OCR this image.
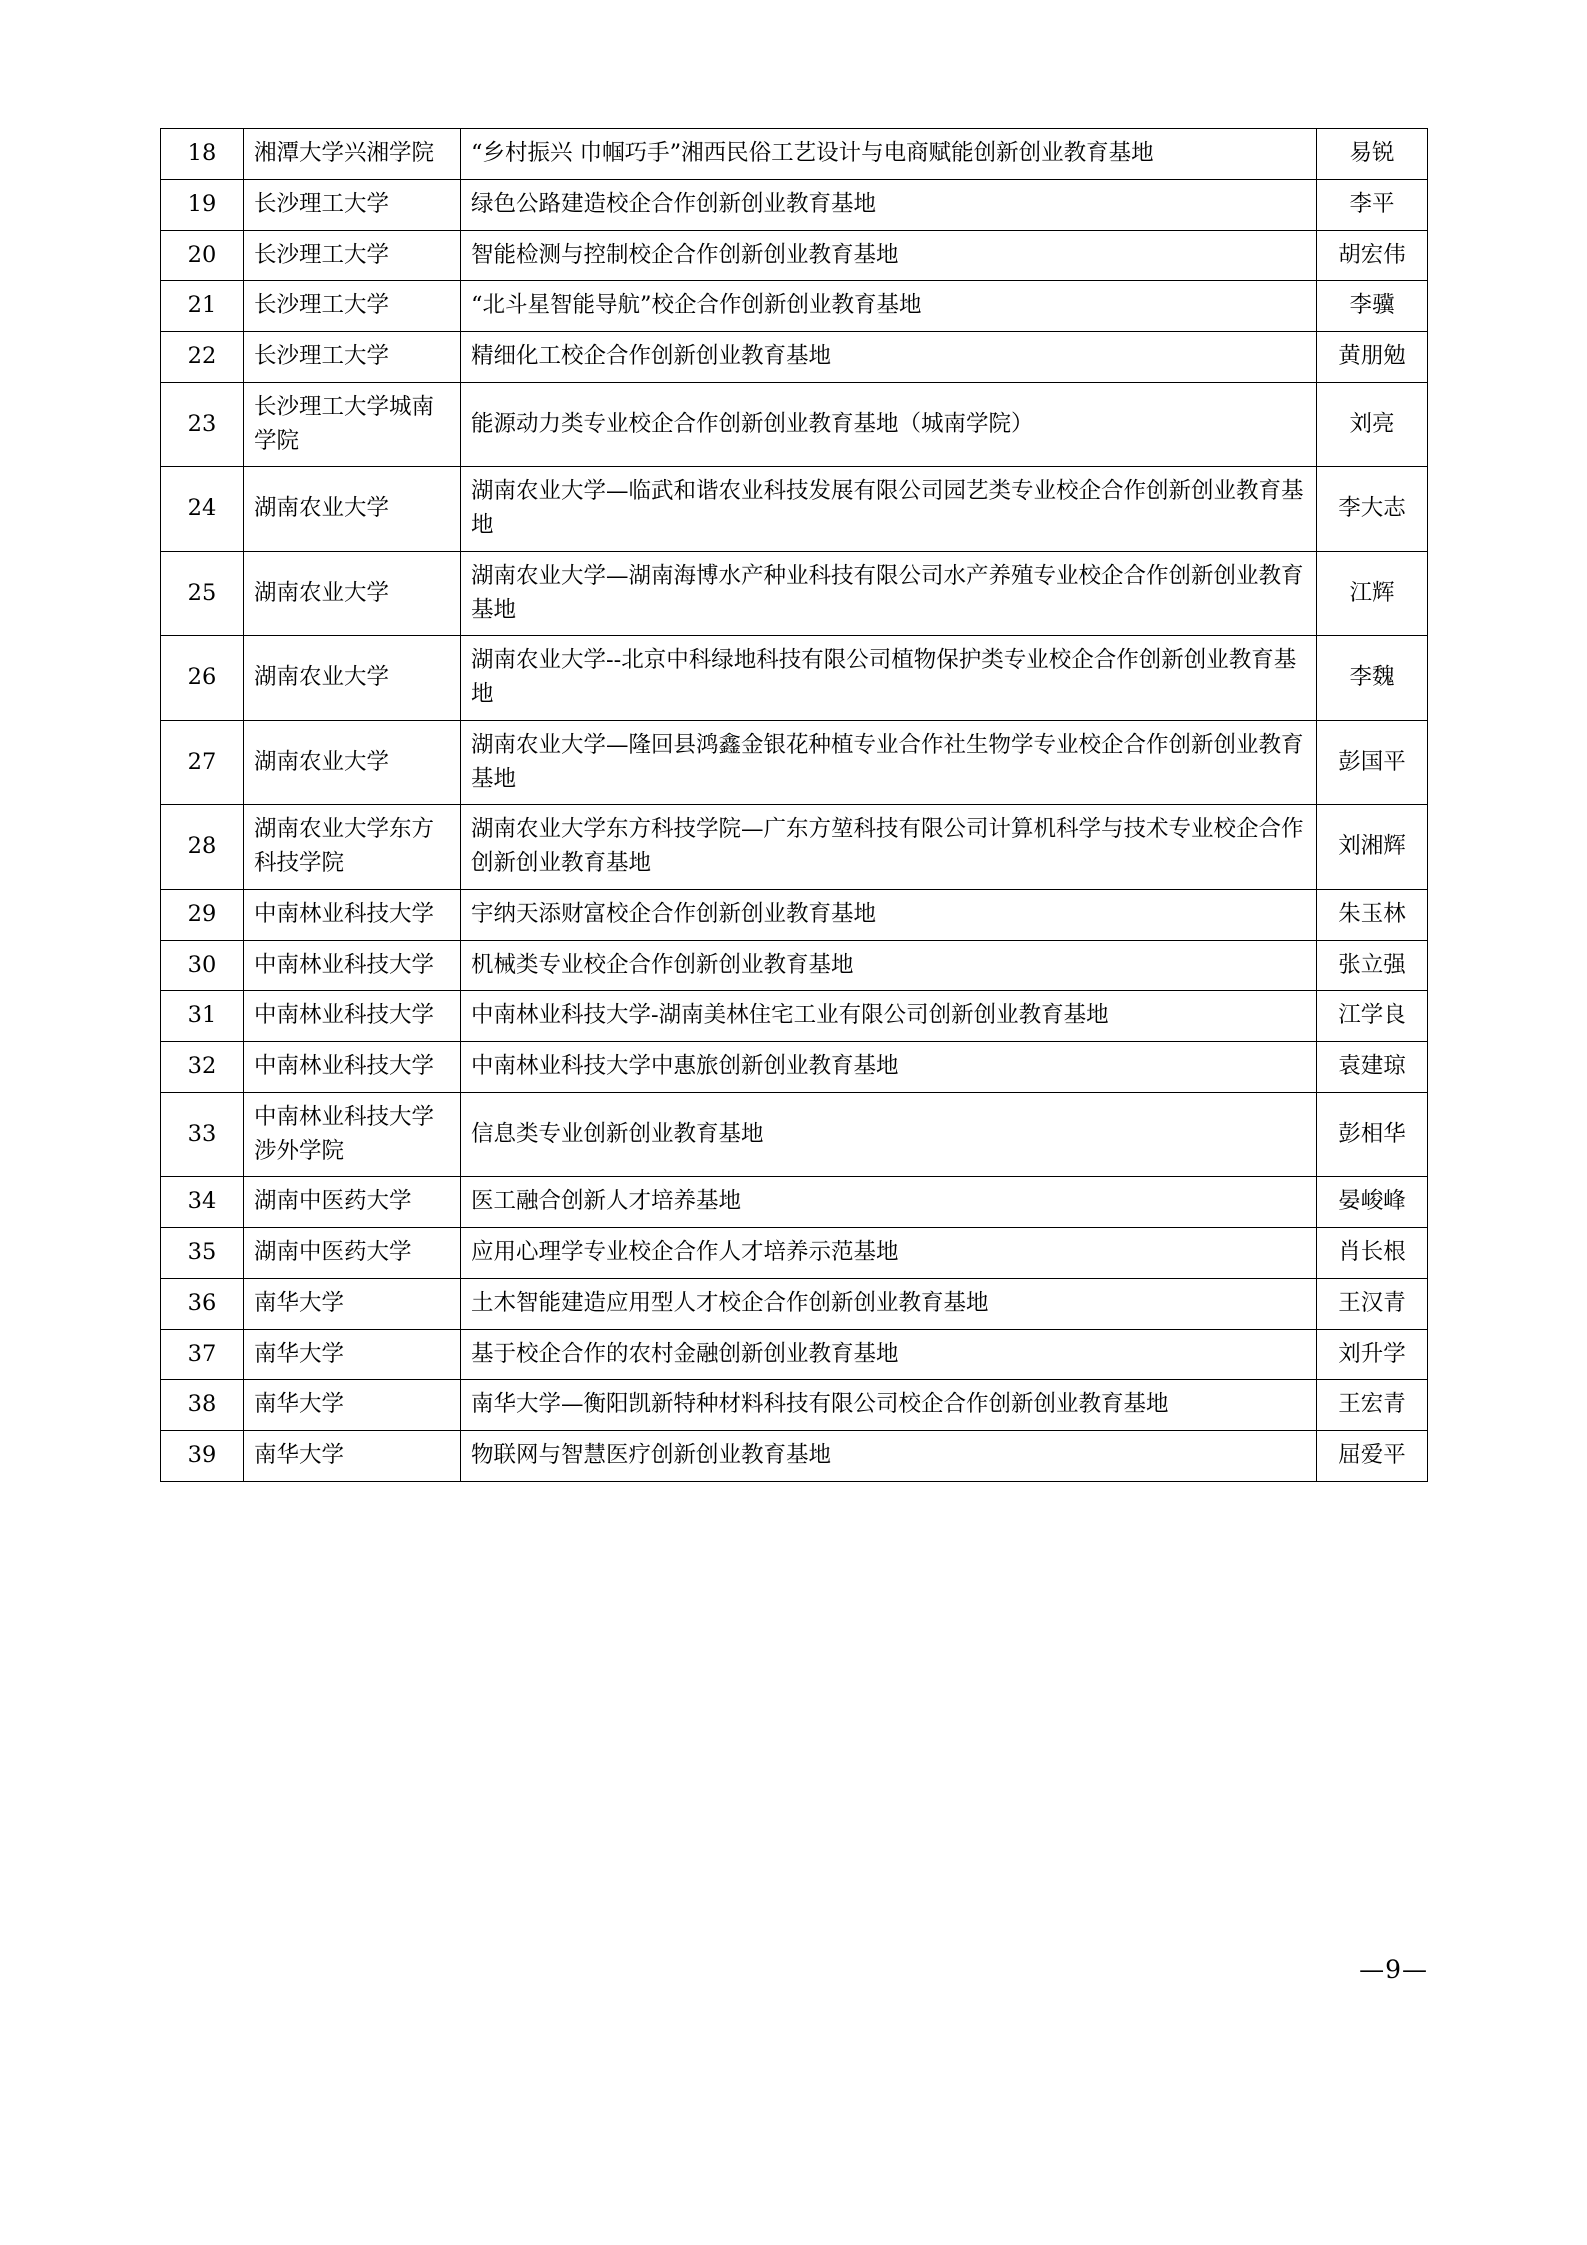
18	湘潭大学兴湘学院	“乡村振兴 巾帼巧手”湘西民俗工艺设计与电商赋能创新创业教育基地	易锐
19	长沙理工大学	绿色公路建造校企合作创新创业教育基地	李平
20	长沙理工大学	智能检测与控制校企合作创新创业教育基地	胡宏伟
21	长沙理工大学	“北斗星智能导航”校企合作创新创业教育基地	李骥
22	长沙理工大学	精细化工校企合作创新创业教育基地	黄朋勉
23	长沙理工大学城南学院	能源动力类专业校企合作创新创业教育基地（城南学院）	刘亮
24	湖南农业大学	湖南农业大学—临武和谐农业科技发展有限公司园艺类专业校企合作创新创业教育基地	李大志
25	湖南农业大学	湖南农业大学—湖南海博水产种业科技有限公司水产养殖专业校企合作创新创业教育基地	江辉
26	湖南农业大学	湖南农业大学--北京中科绿地科技有限公司植物保护类专业校企合作创新创业教育基地	李魏
27	湖南农业大学	湖南农业大学—隆回县鸿鑫金银花种植专业合作社生物学专业校企合作创新创业教育基地	彭国平
28	湖南农业大学东方科技学院	湖南农业大学东方科技学院—广东方堃科技有限公司计算机科学与技术专业校企合作创新创业教育基地	刘湘辉
29	中南林业科技大学	宇纳天添财富校企合作创新创业教育基地	朱玉林
30	中南林业科技大学	机械类专业校企合作创新创业教育基地	张立强
31	中南林业科技大学	中南林业科技大学-湖南美林住宅工业有限公司创新创业教育基地	江学良
32	中南林业科技大学	中南林业科技大学中惠旅创新创业教育基地	袁建琼
33	中南林业科技大学涉外学院	信息类专业创新创业教育基地	彭相华
34	湖南中医药大学	医工融合创新人才培养基地	晏峻峰
35	湖南中医药大学	应用心理学专业校企合作人才培养示范基地	肖长根
36	南华大学	土木智能建造应用型人才校企合作创新创业教育基地	王汉青
37	南华大学	基于校企合作的农村金融创新创业教育基地	刘升学
38	南华大学	南华大学—衡阳凯新特种材料科技有限公司校企合作创新创业教育基地	王宏青
39	南华大学	物联网与智慧医疗创新创业教育基地	屈爱平
—9—
